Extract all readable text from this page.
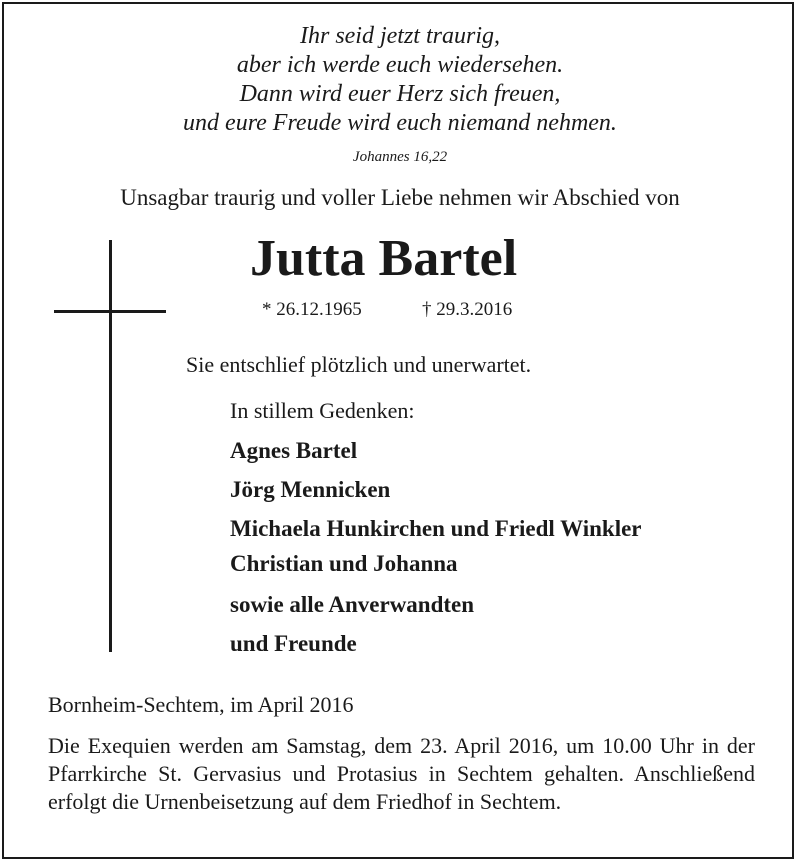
Ihr seid jetzt traurig,
aber ich werde euch wiedersehen.
Dann wird euer Herz sich freuen,
und eure Freude wird euch niemand nehmen.
Johannes 16,22
Unsagbar traurig und voller Liebe nehmen wir Abschied von
Jutta Bartel
* 26.12.1965	† 29.3.2016
Sie entschlief plötzlich und unerwartet.
In stillem Gedenken:
Agnes Bartel
Jörg Mennicken
Michaela Hunkirchen und Friedl Winkler
Christian und Johanna
sowie alle Anverwandten
und Freunde
Bornheim-Sechtem, im April 2016
Die Exequien werden am Samstag, dem 23. April 2016, um 10.00 Uhr in der Pfarrkirche St. Gervasius und Protasius in Sechtem gehalten. Anschließend erfolgt die Urnenbeisetzung auf dem Friedhof in Sechtem.
